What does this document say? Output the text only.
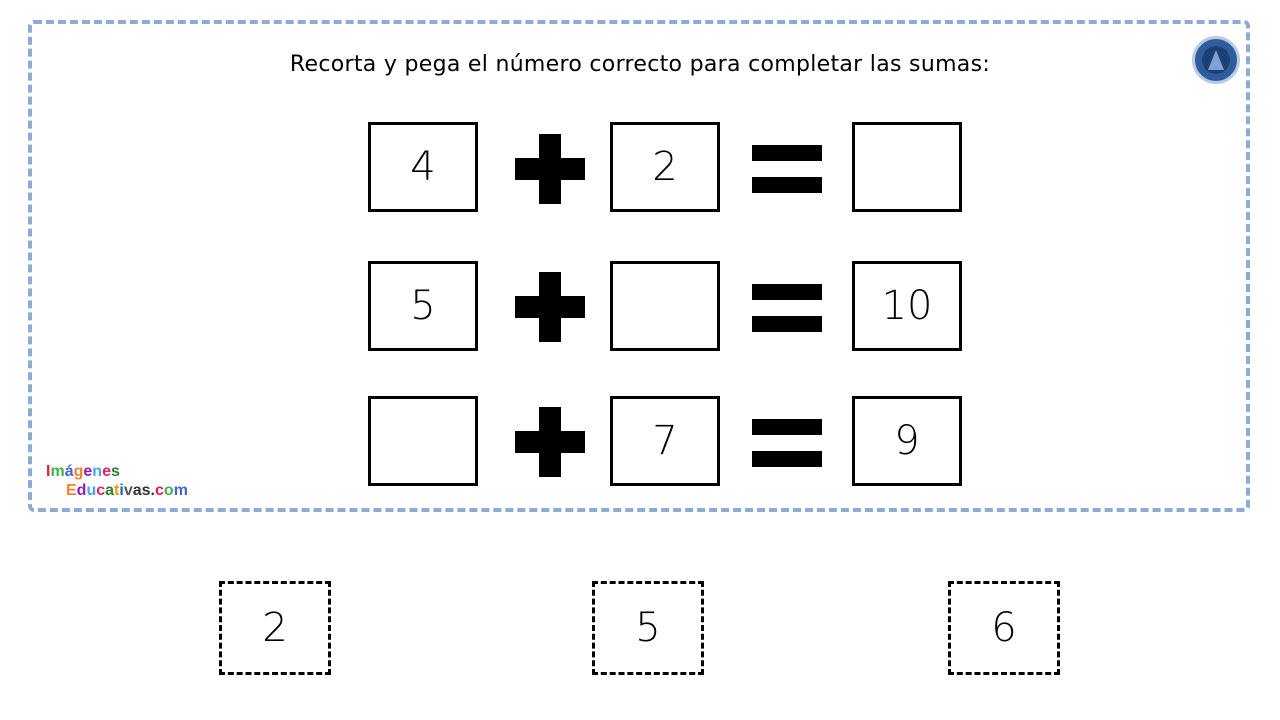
Recorta y pega el número correcto para completar las sumas:
4	2
5	10
7	9
Imágenes
Educativas.com
2	5	6
